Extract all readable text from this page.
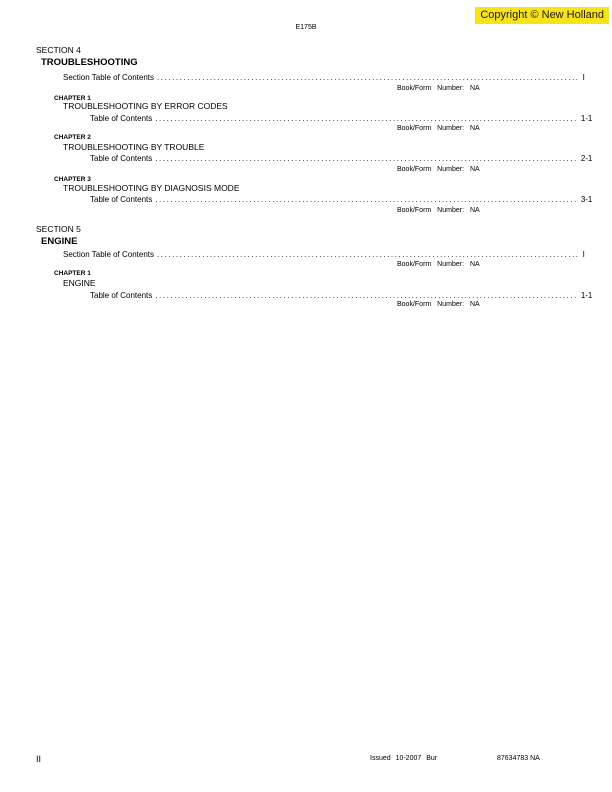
Copyright © New Holland
E175B
SECTION 4
TROUBLESHOOTING
Section Table of Contents ................................................................................................................ I
Book/Form Number: NA
CHAPTER 1
TROUBLESHOOTING BY ERROR CODES
Table of Contents ................................................................................................................ 1-1
Book/Form Number: NA
CHAPTER 2
TROUBLESHOOTING BY TROUBLE
Table of Contents ................................................................................................................ 2-1
Book/Form Number: NA
CHAPTER 3
TROUBLESHOOTING BY DIAGNOSIS MODE
Table of Contents ................................................................................................................ 3-1
Book/Form Number: NA
SECTION 5
ENGINE
Section Table of Contents ................................................................................................................ I
Book/Form Number: NA
CHAPTER 1
ENGINE
Table of Contents ................................................................................................................ 1-1
Book/Form Number: NA
II	Issued 10-2007 Bur	87634783 NA
